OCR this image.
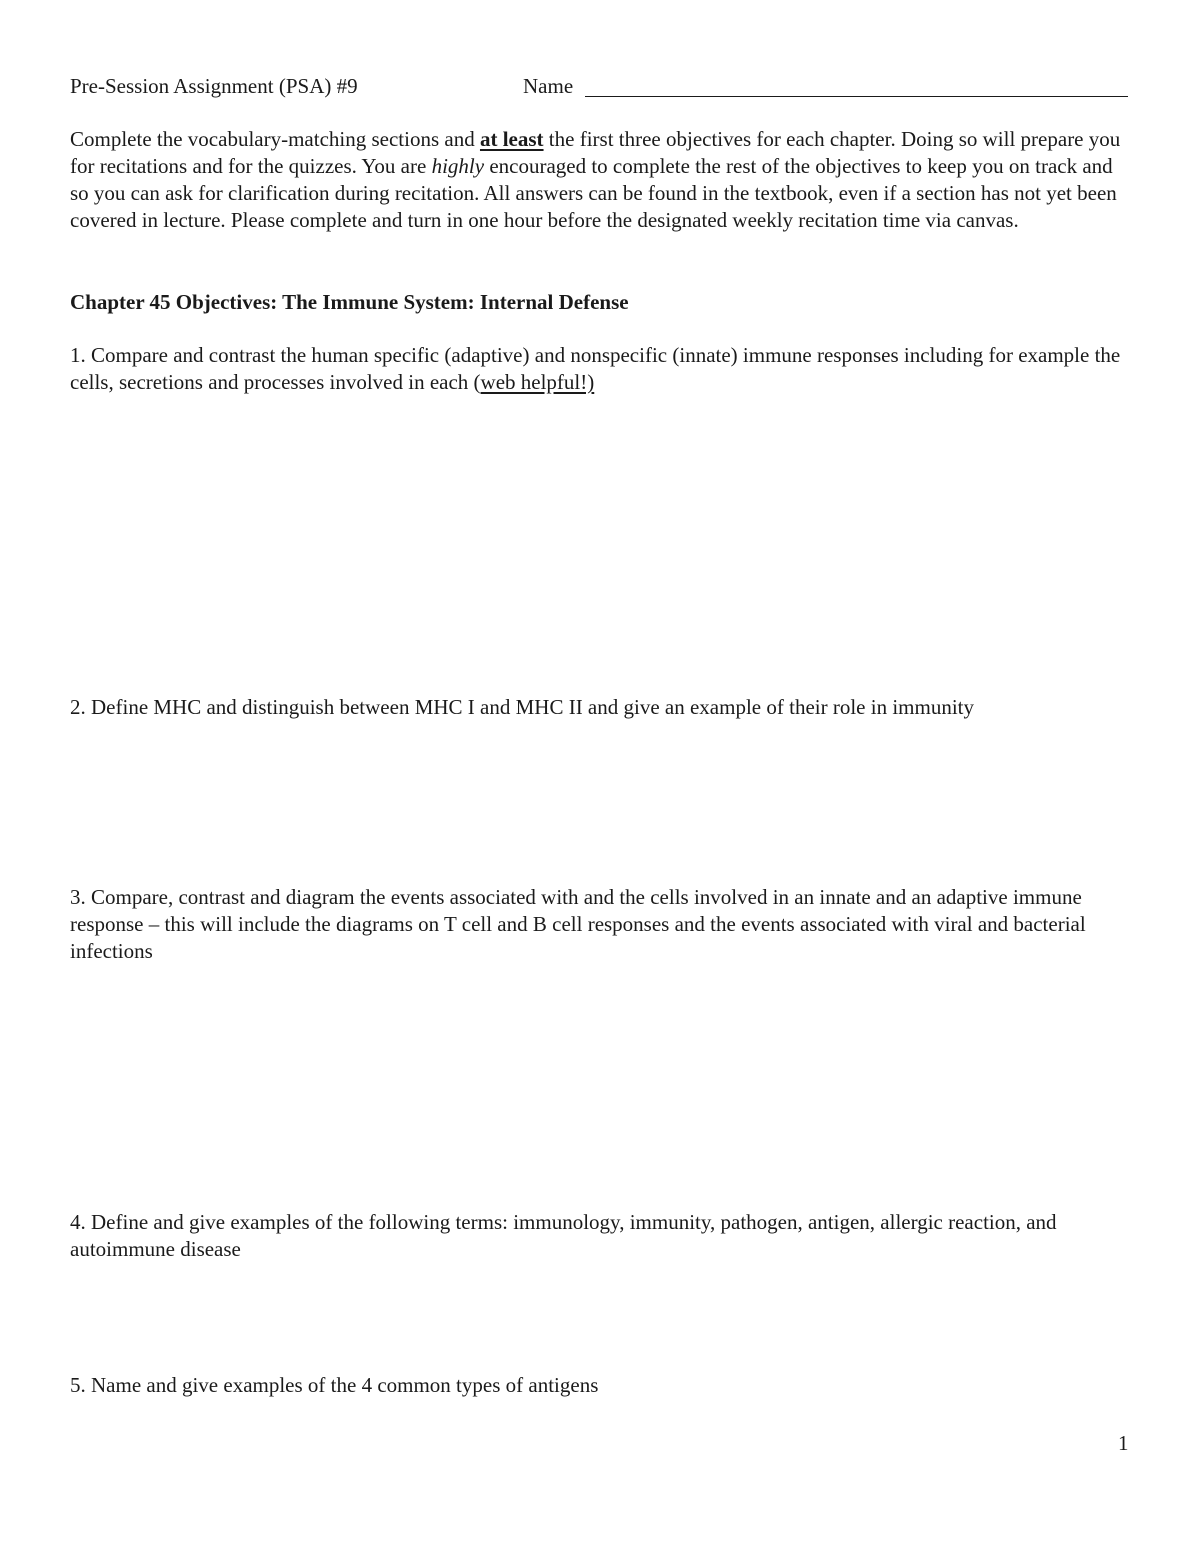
Pre-Session Assignment (PSA) #9	Name
Complete the vocabulary-matching sections and at least the first three objectives for each chapter. Doing so will prepare you for recitations and for the quizzes. You are highly encouraged to complete the rest of the objectives to keep you on track and so you can ask for clarification during recitation. All answers can be found in the textbook, even if a section has not yet been covered in lecture. Please complete and turn in one hour before the designated weekly recitation time via canvas.
Chapter 45 Objectives: The Immune System: Internal Defense
1. Compare and contrast the human specific (adaptive) and nonspecific (innate) immune responses including for example the cells, secretions and processes involved in each (web helpful!)
2. Define MHC and distinguish between MHC I and MHC II and give an example of their role in immunity
3. Compare, contrast and diagram the events associated with and the cells involved in an innate and an adaptive immune response – this will include the diagrams on T cell and B cell responses and the events associated with viral and bacterial infections
4. Define and give examples of the following terms: immunology, immunity, pathogen, antigen, allergic reaction, and autoimmune disease
5. Name and give examples of the 4 common types of antigens
1
